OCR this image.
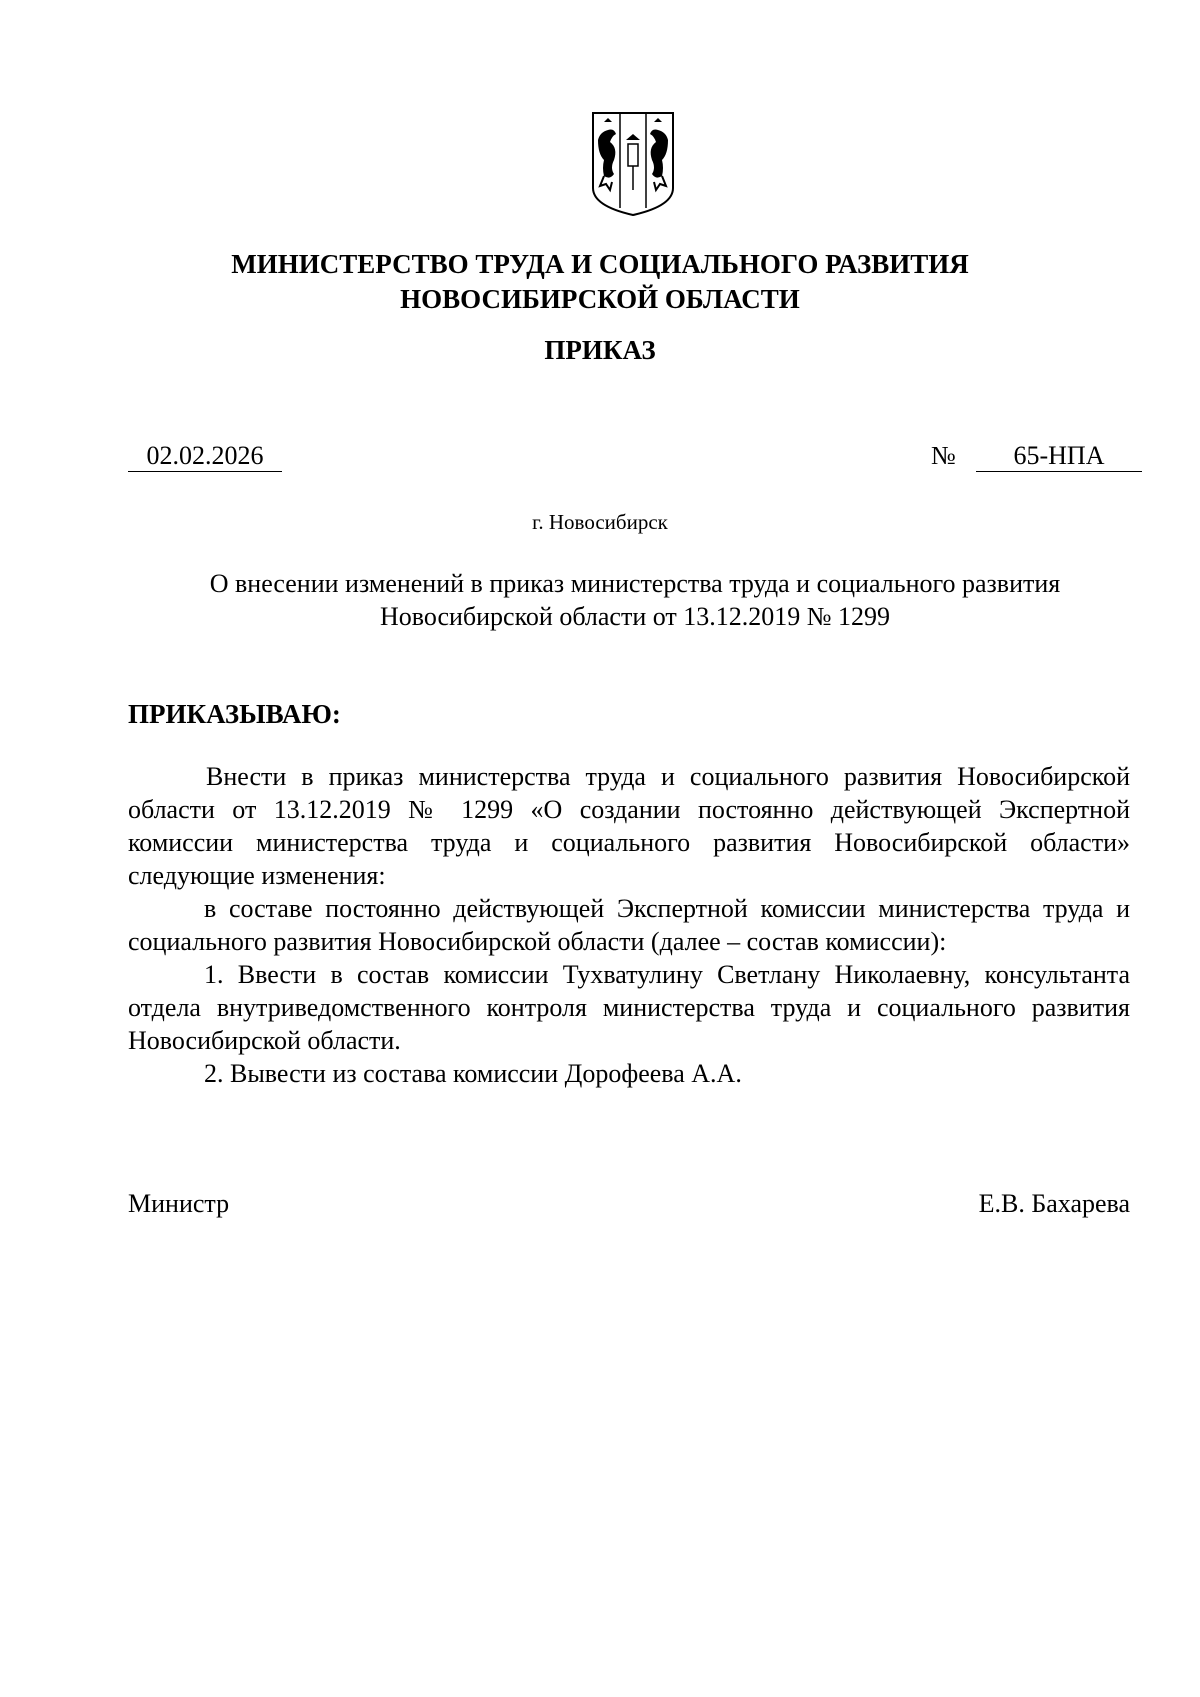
МИНИСТЕРСТВО ТРУДА И СОЦИАЛЬНОГО РАЗВИТИЯ
НОВОСИБИРСКОЙ ОБЛАСТИ
ПРИКАЗ
02.02.2026	№	65-НПА
г. Новосибирск
О внесении изменений в приказ министерства труда и социального развития
Новосибирской области от 13.12.2019 № 1299
ПРИКАЗЫВАЮ:

Внести в приказ министерства труда и социального развития Новосибирской области от 13.12.2019 № 1299 «О создании постоянно действующей Экспертной комиссии министерства труда и социального развития Новосибирской области» следующие изменения:

в составе постоянно действующей Экспертной комиссии министерства труда и социального развития Новосибирской области (далее – состав комиссии):

1. Ввести в состав комиссии Тухватулину Светлану Николаевну, консультанта отдела внутриведомственного контроля министерства труда и социального развития Новосибирской области.

2. Вывести из состава комиссии Дорофеева А.А.

Министр	Е.В. Бахарева
